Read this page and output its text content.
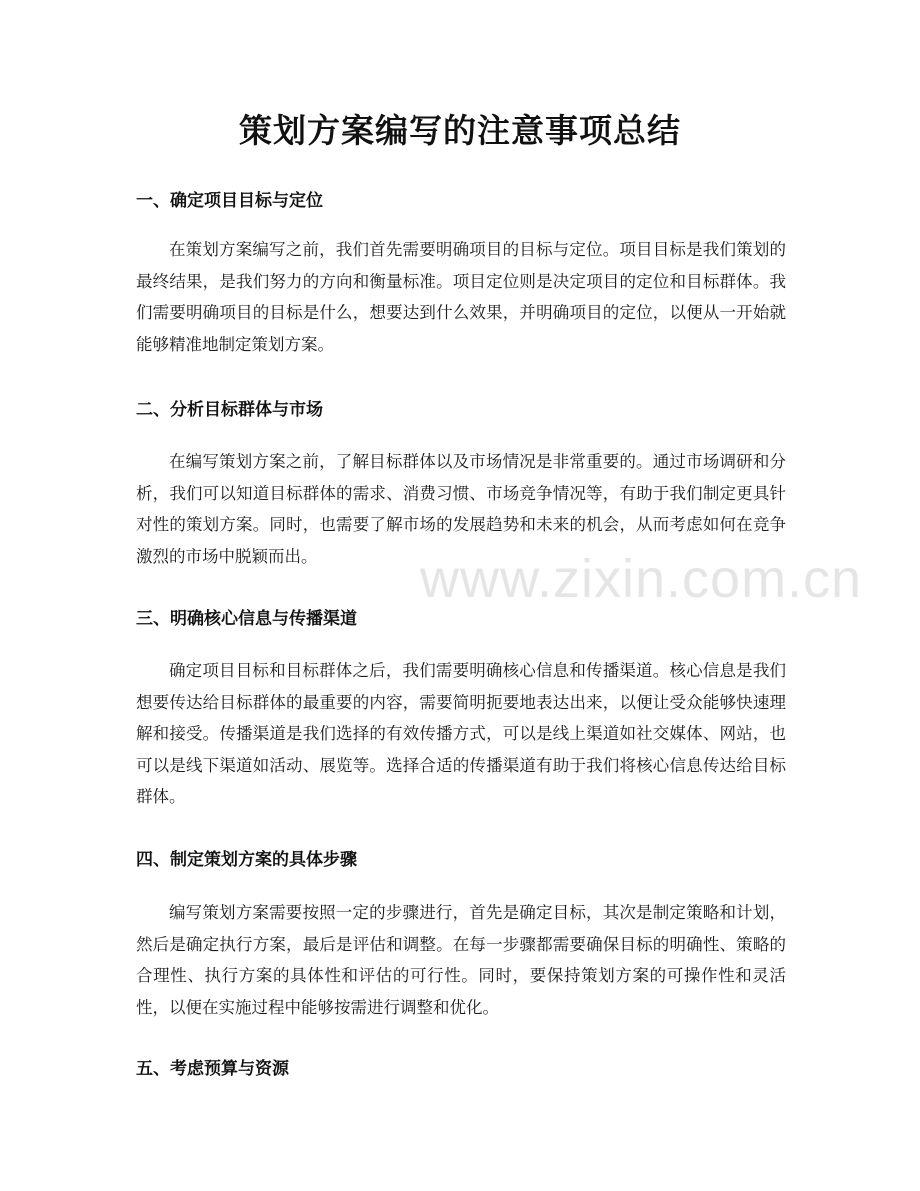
策划方案编写的注意事项总结
一、确定项目目标与定位

在策划方案编写之前，我们首先需要明确项目的目标与定位。项目目标是我们策划的最终结果，是我们努力的方向和衡量标准。项目定位则是决定项目的定位和目标群体。我们需要明确项目的目标是什么，想要达到什么效果，并明确项目的定位，以便从一开始就能够精准地制定策划方案。

二、分析目标群体与市场

在编写策划方案之前，了解目标群体以及市场情况是非常重要的。通过市场调研和分析，我们可以知道目标群体的需求、消费习惯、市场竞争情况等，有助于我们制定更具针对性的策划方案。同时，也需要了解市场的发展趋势和未来的机会，从而考虑如何在竞争激烈的市场中脱颖而出。

三、明确核心信息与传播渠道

确定项目目标和目标群体之后，我们需要明确核心信息和传播渠道。核心信息是我们想要传达给目标群体的最重要的内容，需要简明扼要地表达出来，以便让受众能够快速理解和接受。传播渠道是我们选择的有效传播方式，可以是线上渠道如社交媒体、网站，也可以是线下渠道如活动、展览等。选择合适的传播渠道有助于我们将核心信息传达给目标群体。

四、制定策划方案的具体步骤

编写策划方案需要按照一定的步骤进行，首先是确定目标，其次是制定策略和计划，然后是确定执行方案，最后是评估和调整。在每一步骤都需要确保目标的明确性、策略的合理性、执行方案的具体性和评估的可行性。同时，要保持策划方案的可操作性和灵活性，以便在实施过程中能够按需进行调整和优化。

五、考虑预算与资源
www.zixin.com.cn
